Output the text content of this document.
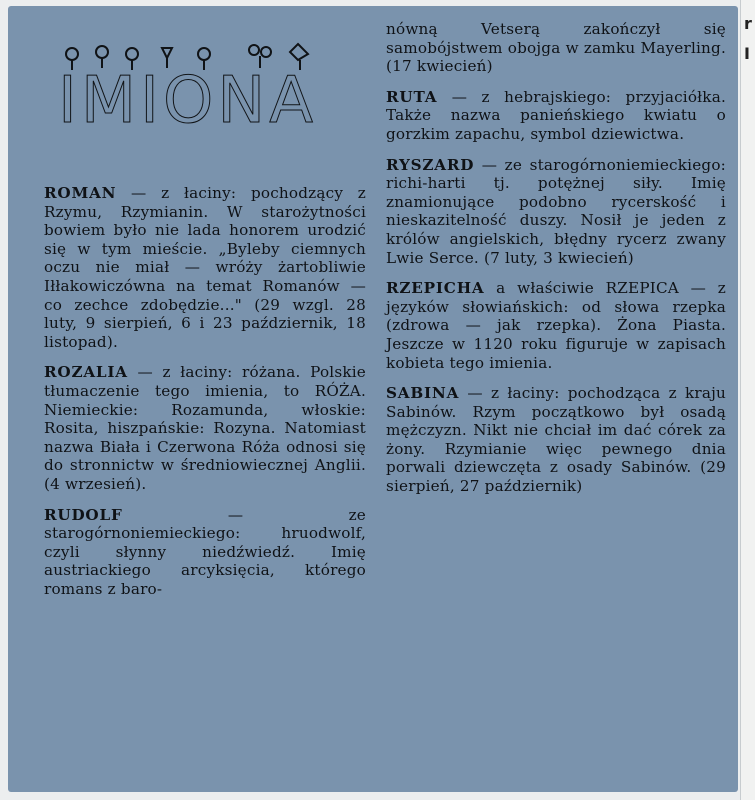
r
I
IMIONA

ROMAN — z łaciny: pochodzący z Rzymu, Rzymianin. W starożytności bowiem było nie lada honorem urodzić się w tym mieście. „Byleby ciemnych oczu nie miał — wróży żartobliwie Iłłakowiczówna na temat Romanów — co zechce zdobędzie..." (29 wzgl. 28 luty, 9 sierpień, 6 i 23 październik, 18 listopad).

ROZALIA — z łaciny: różana. Polskie tłumaczenie tego imienia, to RÓŻA. Niemieckie: Rozamunda, włoskie: Rosita, hiszpańskie: Rozyna. Natomiast nazwa Biała i Czerwona Róża odnosi się do stronnictw w średniowiecznej Anglii. (4 wrzesień).

RUDOLF — ze starogórnoniemieckiego: hruodwolf, czyli słynny niedźwiedź. Imię austriackiego arcyksięcia, którego romans z baro-

nówną Vetserą zakończył się samobójstwem obojga w zamku Mayerling. (17 kwiecień)

RUTA — z hebrajskiego: przyjaciółka. Także nazwa panieńskiego kwiatu o gorzkim zapachu, symbol dziewictwa.

RYSZARD — ze starogórnoniemieckiego: richi-harti tj. potężnej siły. Imię znamionujące podobno rycerskość i nieskazitelność duszy. Nosił je jeden z królów angielskich, błędny rycerz zwany Lwie Serce. (7 luty, 3 kwiecień)

RZEPICHA a właściwie RZEPICA — z języków słowiańskich: od słowa rzepka (zdrowa — jak rzepka). Żona Piasta. Jeszcze w 1120 roku figuruje w zapisach kobieta tego imienia.

SABINA — z łaciny: pochodząca z kraju Sabinów. Rzym początkowo był osadą mężczyzn. Nikt nie chciał im dać córek za żony. Rzymianie więc pewnego dnia porwali dziewczęta z osady Sabinów. (29 sierpień, 27 październik)
